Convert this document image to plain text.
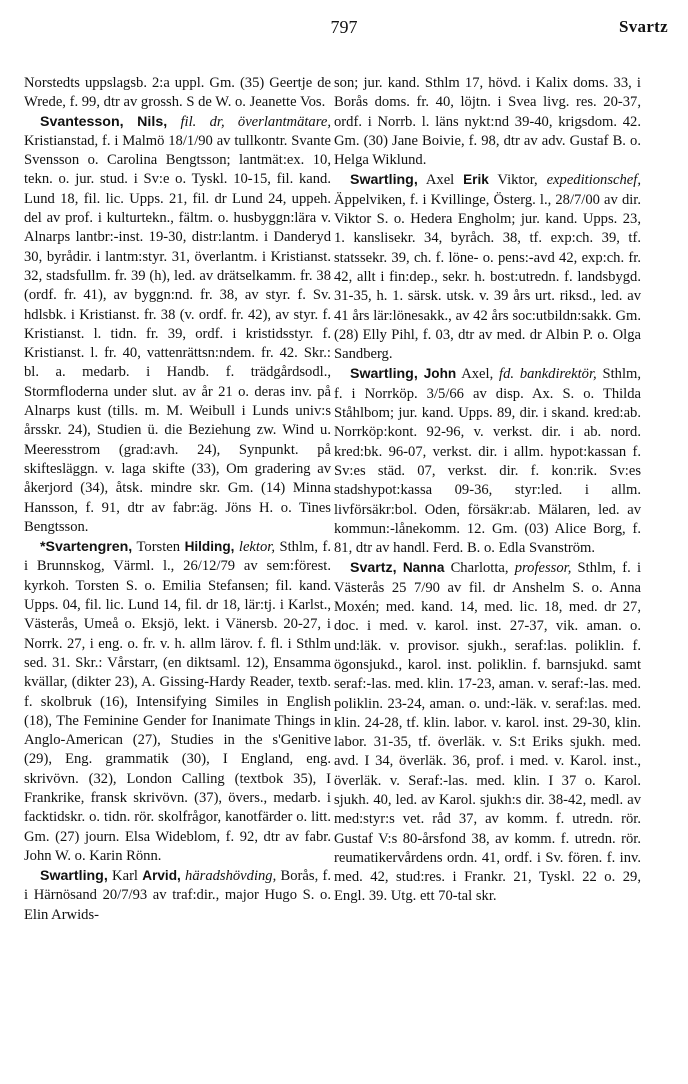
797	Svartz

Norstedts uppslagsb. 2:a uppl. Gm. (35) Geertje de Wrede, f. 99, dtr av grossh. S de W. o. Jeanette Vos.

Svantesson, Nils, fil. dr, överlantmätare, Kristianstad, f. i Malmö 18/1/90 av tullkontr. Svante Svensson o. Carolina Bengtsson; lantmät:ex. 10, tekn. o. jur. stud. i Sv:e o. Tyskl. 10-15, fil. kand. Lund 18, fil. lic. Upps. 21, fil. dr Lund 24, uppeh. del av prof. i kulturtekn., fältm. o. husbyggn:lära v. Alnarps lantbr:-inst. 19-30, distr:lantm. i Danderyd 30, byrådir. i lantm:styr. 31, överlantm. i Kristianst. 32, stadsfullm. fr. 39 (h), led. av drätselkamm. fr. 38 (ordf. fr. 41), av byggn:nd. fr. 38, av styr. f. Sv. hdlsbk. i Kristianst. fr. 38 (v. ordf. fr. 42), av styr. f. Kristianst. l. tidn. fr. 39, ordf. i kristidsstyr. f. Kristianst. l. fr. 40, vattenrättsn:ndem. fr. 42. Skr.: bl. a. medarb. i Handb. f. trädgårdsodl., Stormfloderna under slut. av år 21 o. deras inv. på Alnarps kust (tills. m. M. Weibull i Lunds univ:s årsskr. 24), Studien ü. die Beziehung zw. Wind u. Meeresstrom (grad:avh. 24), Synpunkt. på skiftesläggn. v. laga skifte (33), Om gradering av åkerjord (34), åtsk. mindre skr. Gm. (14) Minna Hansson, f. 91, dtr av fabr:äg. Jöns H. o. Tines Bengtsson.

*Svartengren, Torsten Hilding, lektor, Sthlm, f. i Brunnskog, Värml. l., 26/12/79 av sem:förest. kyrkoh. Torsten S. o. Emilia Stefansen; fil. kand. Upps. 04, fil. lic. Lund 14, fil. dr 18, lär:tj. i Karlst., Västerås, Umeå o. Eksjö, lekt. i Vänersb. 20-27, i Norrk. 27, i eng. o. fr. v. h. allm lärov. f. fl. i Sthlm sed. 31. Skr.: Vårstarr, (en diktsaml. 12), Ensamma kvällar, (dikter 23), A. Gissing-Hardy Reader, textb. f. skolbruk (16), Intensifying Similes in English (18), The Feminine Gender for Inanimate Things in Anglo-American (27), Studies in the s'Genitive (29), Eng. grammatik (30), I England, eng. skrivövn. (32), London Calling (textbok 35), I Frankrike, fransk skrivövn. (37), övers., medarb. i facktidskr. o. tidn. rör. skolfrågor, kanotfärder o. litt. Gm. (27) journ. Elsa Wideblom, f. 92, dtr av fabr. John W. o. Karin Rönn.

Swartling, Karl Arvid, häradshövding, Borås, f. i Härnösand 20/7/93 av traf:dir., major Hugo S. o. Elin Arwids-

son; jur. kand. Sthlm 17, hövd. i Kalix doms. 33, i Borås doms. fr. 40, löjtn. i Svea livg. res. 20-37, ordf. i Norrb. l. läns nykt:nd 39-40, krigsdom. 42. Gm. (30) Jane Boivie, f. 98, dtr av adv. Gustaf B. o. Helga Wiklund.

Swartling, Axel Erik Viktor, expeditionschef, Äppelviken, f. i Kvillinge, Österg. l., 28/7/00 av dir. Viktor S. o. Hedera Engholm; jur. kand. Upps. 23, 1. kanslisekr. 34, byråch. 38, tf. exp:ch. 39, tf. statssekr. 39, ch. f. löne- o. pens:-avd 42, exp:ch. fr. 42, allt i fin:dep., sekr. h. bost:utredn. f. landsbygd. 31-35, h. 1. särsk. utsk. v. 39 års urt. riksd., led. av 41 års lär:lönesakk., av 42 års soc:utbildn:sakk. Gm. (28) Elly Pihl, f. 03, dtr av med. dr Albin P. o. Olga Sandberg.

Swartling, John Axel, fd. bankdirektör, Sthlm, f. i Norrköp. 3/5/66 av disp. Ax. S. o. Thilda Ståhlbom; jur. kand. Upps. 89, dir. i skand. kred:ab. Norrköp:kont. 92-96, v. verkst. dir. i ab. nord. kred:bk. 96-07, verkst. dir. i allm. hypot:kassan f. Sv:es städ. 07, verkst. dir. f. kon:rik. Sv:es stadshypot:kassa 09-36, styr:led. i allm. livförsäkr:bol. Oden, försäkr:ab. Mälaren, led. av kommun:-lånekomm. 12. Gm. (03) Alice Borg, f. 81, dtr av handl. Ferd. B. o. Edla Svanström.

Svartz, Nanna Charlotta, professor, Sthlm, f. i Västerås 25 7/90 av fil. dr Anshelm S. o. Anna Moxén; med. kand. 14, med. lic. 18, med. dr 27, doc. i med. v. karol. inst. 27-37, vik. aman. o. und:läk. v. provisor. sjukh., seraf:las. poliklin. f. ögonsjukd., karol. inst. poliklin. f. barnsjukd. samt seraf:-las. med. klin. 17-23, aman. v. seraf:-las. med. poliklin. 23-24, aman. o. und:-läk. v. seraf:las. med. klin. 24-28, tf. klin. labor. v. karol. inst. 29-30, klin. labor. 31-35, tf. överläk. v. S:t Eriks sjukh. med. avd. I 34, överläk. 36, prof. i med. v. Karol. inst., överläk. v. Seraf:-las. med. klin. I 37 o. Karol. sjukh. 40, led. av Karol. sjukh:s dir. 38-42, medl. av med:styr:s vet. råd 37, av komm. f. utredn. rör. Gustaf V:s 80-årsfond 38, av komm. f. utredn. rör. reumatikervårdens ordn. 41, ordf. i Sv. fören. f. inv. med. 42, stud:res. i Frankr. 21, Tyskl. 22 o. 29, Engl. 39. Utg. ett 70-tal skr.
